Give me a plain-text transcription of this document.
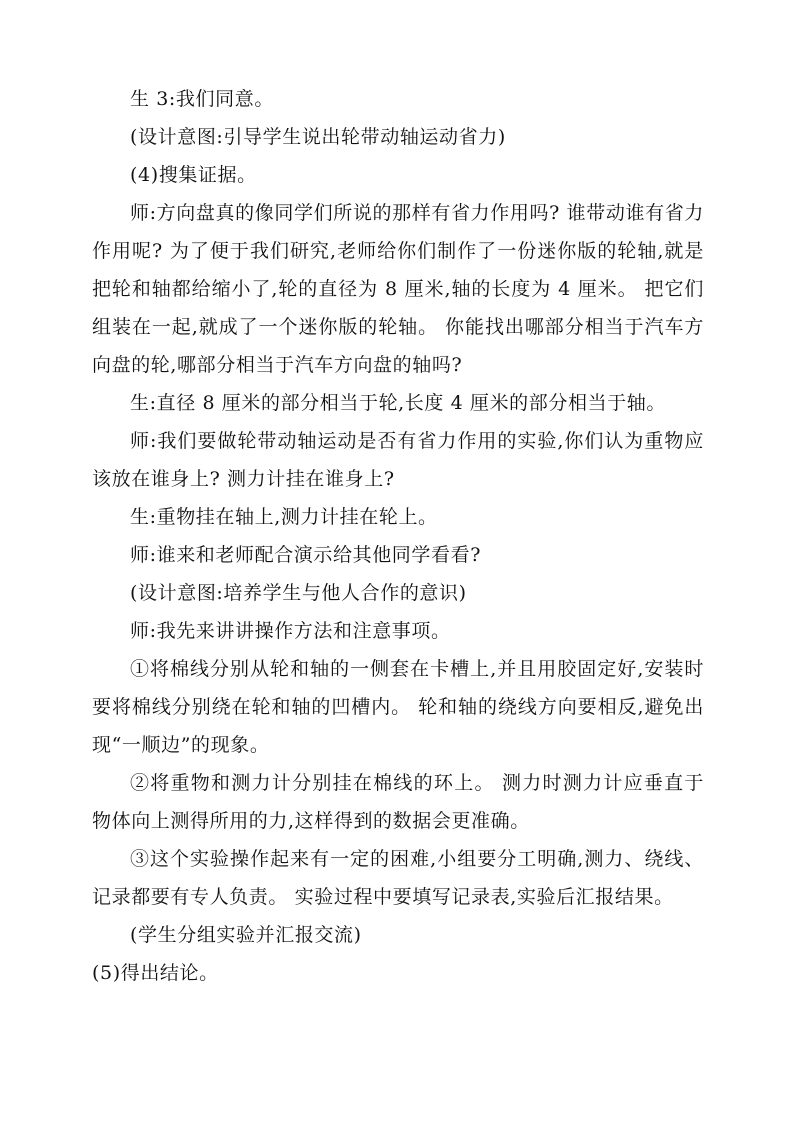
生 3:我们同意。

(设计意图:引导学生说出轮带动轴运动省力)

(4)搜集证据。

师:方向盘真的像同学们所说的那样有省力作用吗? 谁带动谁有省力作用呢? 为了便于我们研究,老师给你们制作了一份迷你版的轮轴,就是把轮和轴都给缩小了,轮的直径为 8 厘米,轴的长度为 4 厘米。 把它们组装在一起,就成了一个迷你版的轮轴。 你能找出哪部分相当于汽车方向盘的轮,哪部分相当于汽车方向盘的轴吗?

生:直径 8 厘米的部分相当于轮,长度 4 厘米的部分相当于轴。

师:我们要做轮带动轴运动是否有省力作用的实验,你们认为重物应该放在谁身上? 测力计挂在谁身上?

生:重物挂在轴上,测力计挂在轮上。

师:谁来和老师配合演示给其他同学看看?

(设计意图:培养学生与他人合作的意识)

师:我先来讲讲操作方法和注意事项。

①将棉线分别从轮和轴的一侧套在卡槽上,并且用胶固定好,安装时要将棉线分别绕在轮和轴的凹槽内。 轮和轴的绕线方向要相反,避免出现“一顺边”的现象。

②将重物和测力计分别挂在棉线的环上。 测力时测力计应垂直于物体向上测得所用的力,这样得到的数据会更准确。

③这个实验操作起来有一定的困难,小组要分工明确,测力、绕线、记录都要有专人负责。 实验过程中要填写记录表,实验后汇报结果。

(学生分组实验并汇报交流)

(5)得出结论。
